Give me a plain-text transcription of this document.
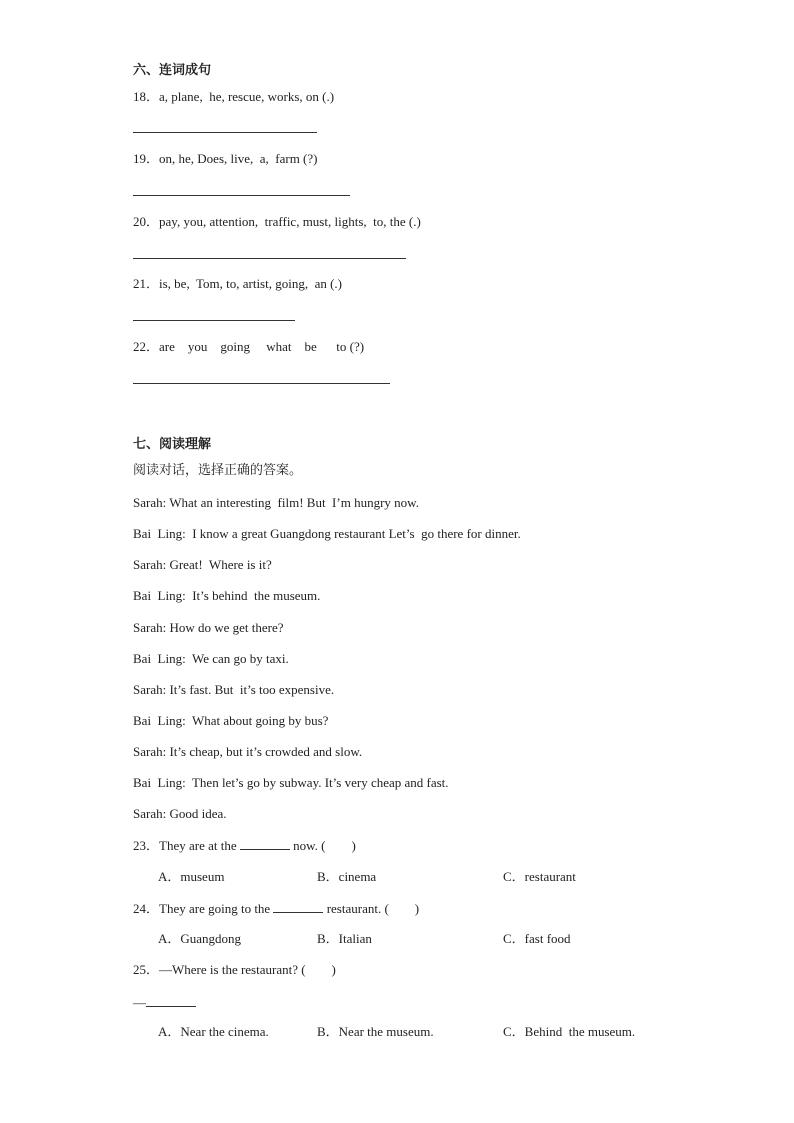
六、连词成句
18．a, plane,  he, rescue, works, on (.)
19．on, he, Does, live,  a,  farm (?)
20．pay, you, attention,  traffic, must, lights,  to, the (.)
21．is, be,  Tom, to, artist, going,  an (.)
22．are    you    going     what    be      to (?)
七、阅读理解
阅读对话，选择正确的答案。
Sarah: What an interesting  film! But  I’m hungry now.
Bai  Ling:  I know a great Guangdong restaurant Let’s  go there for dinner.
Sarah: Great!  Where is it?
Bai  Ling:  It’s behind  the museum.
Sarah: How do we get there?
Bai  Ling:  We can go by taxi.
Sarah: It’s fast. But  it’s too expensive.
Bai  Ling:  What about going by bus?
Sarah: It’s cheap, but it’s crowded and slow.
Bai  Ling:  Then let’s go by subway. It’s very cheap and fast.
Sarah: Good idea.
23．They are at the	now. (        )
A．museum	B．cinema	C．restaurant
24．They are going to the	restaurant. (        )
A．Guangdong	B．Italian	C．fast food
25．—Where is the restaurant? (        )
—
A．Near the cinema.	B．Near the museum.	C．Behind  the museum.
